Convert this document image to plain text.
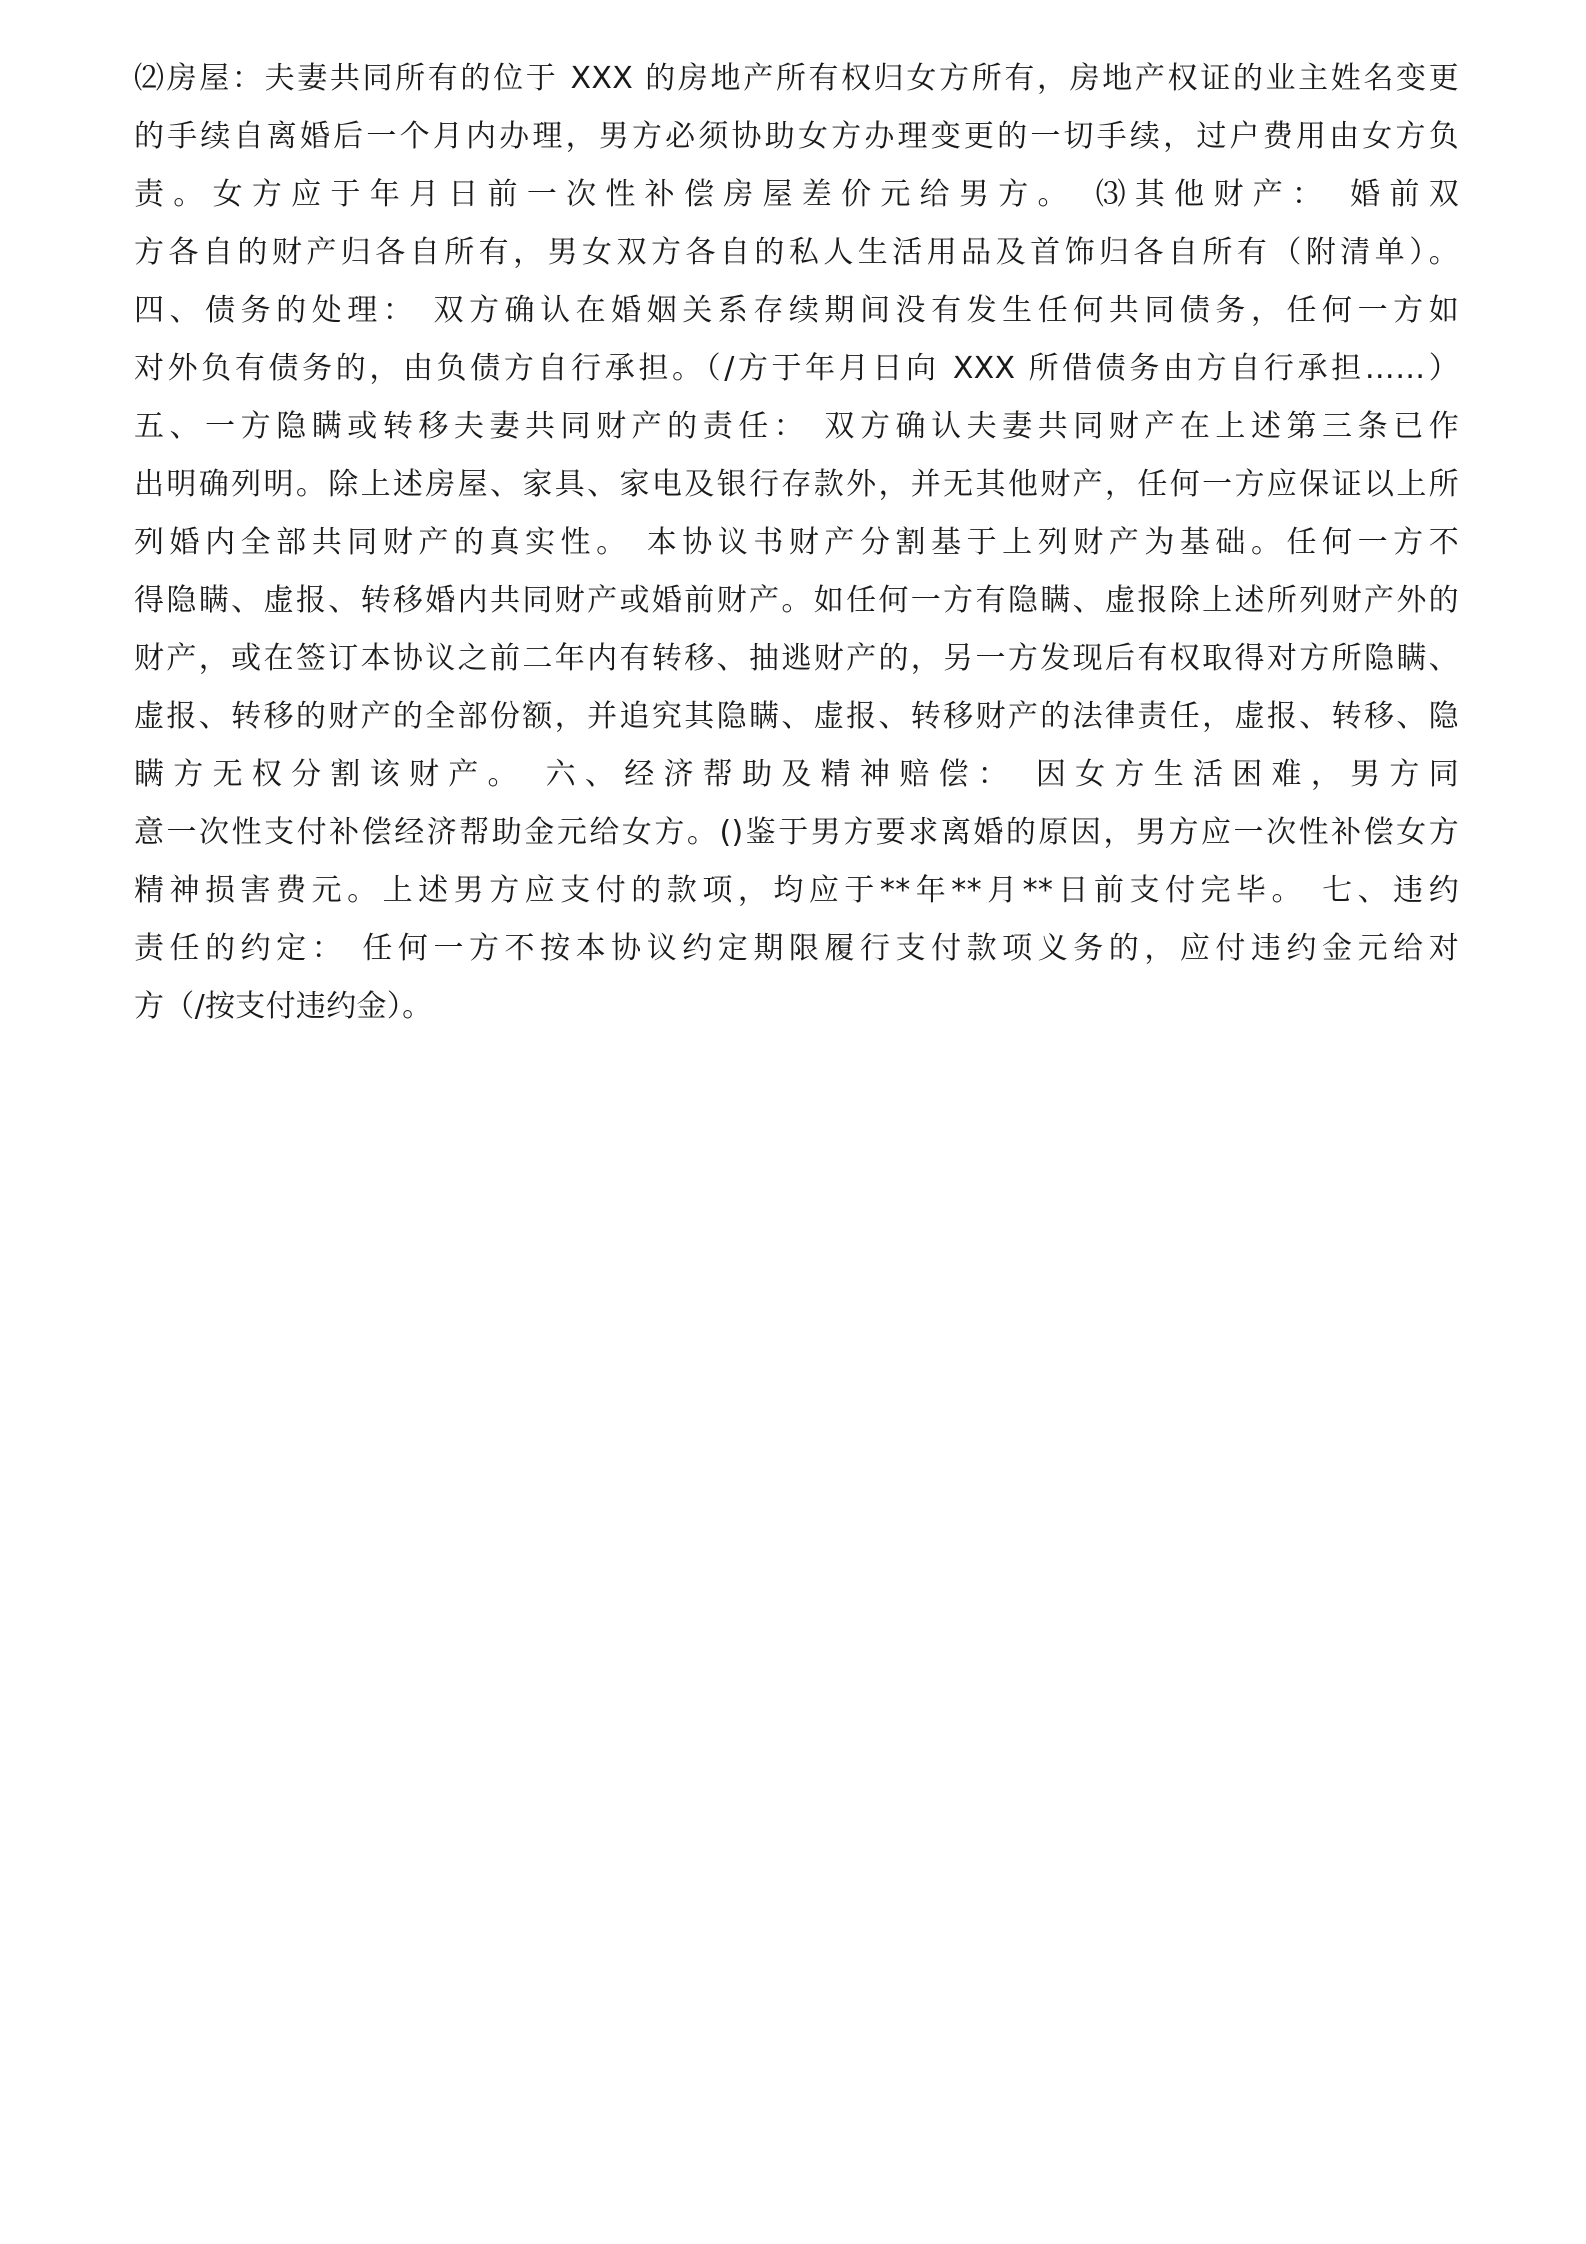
⑵房屋：夫妻共同所有的位于 XXX 的房地产所有权归女方所有，房地产权证的业主姓名变更
的手续自离婚后一个月内办理，男方必须协助女方办理变更的一切手续，过户费用由女方负
责。女方应于年月日前一次性补偿房屋差价元给男方。 ⑶其他财产： 婚前双
方各自的财产归各自所有，男女双方各自的私人生活用品及首饰归各自所有（附清单）。
四、债务的处理： 双方确认在婚姻关系存续期间没有发生任何共同债务，任何一方如
对外负有债务的，由负债方自行承担。（/方于年月日向 XXX 所借债务由方自行承担……）
五、一方隐瞒或转移夫妻共同财产的责任： 双方确认夫妻共同财产在上述第三条已作
出明确列明。除上述房屋、家具、家电及银行存款外，并无其他财产，任何一方应保证以上所
列婚内全部共同财产的真实性。 本协议书财产分割基于上列财产为基础。任何一方不
得隐瞒、虚报、转移婚内共同财产或婚前财产。如任何一方有隐瞒、虚报除上述所列财产外的
财产，或在签订本协议之前二年内有转移、抽逃财产的，另一方发现后有权取得对方所隐瞒、
虚报、转移的财产的全部份额，并追究其隐瞒、虚报、转移财产的法律责任，虚报、转移、隐
瞒方无权分割该财产。 六、经济帮助及精神赔偿： 因女方生活困难，男方同
意一次性支付补偿经济帮助金元给女方。()鉴于男方要求离婚的原因，男方应一次性补偿女方
精神损害费元。上述男方应支付的款项，均应于**年**月**日前支付完毕。 七、违约
责任的约定： 任何一方不按本协议约定期限履行支付款项义务的，应付违约金元给对
方（/按支付违约金）。
